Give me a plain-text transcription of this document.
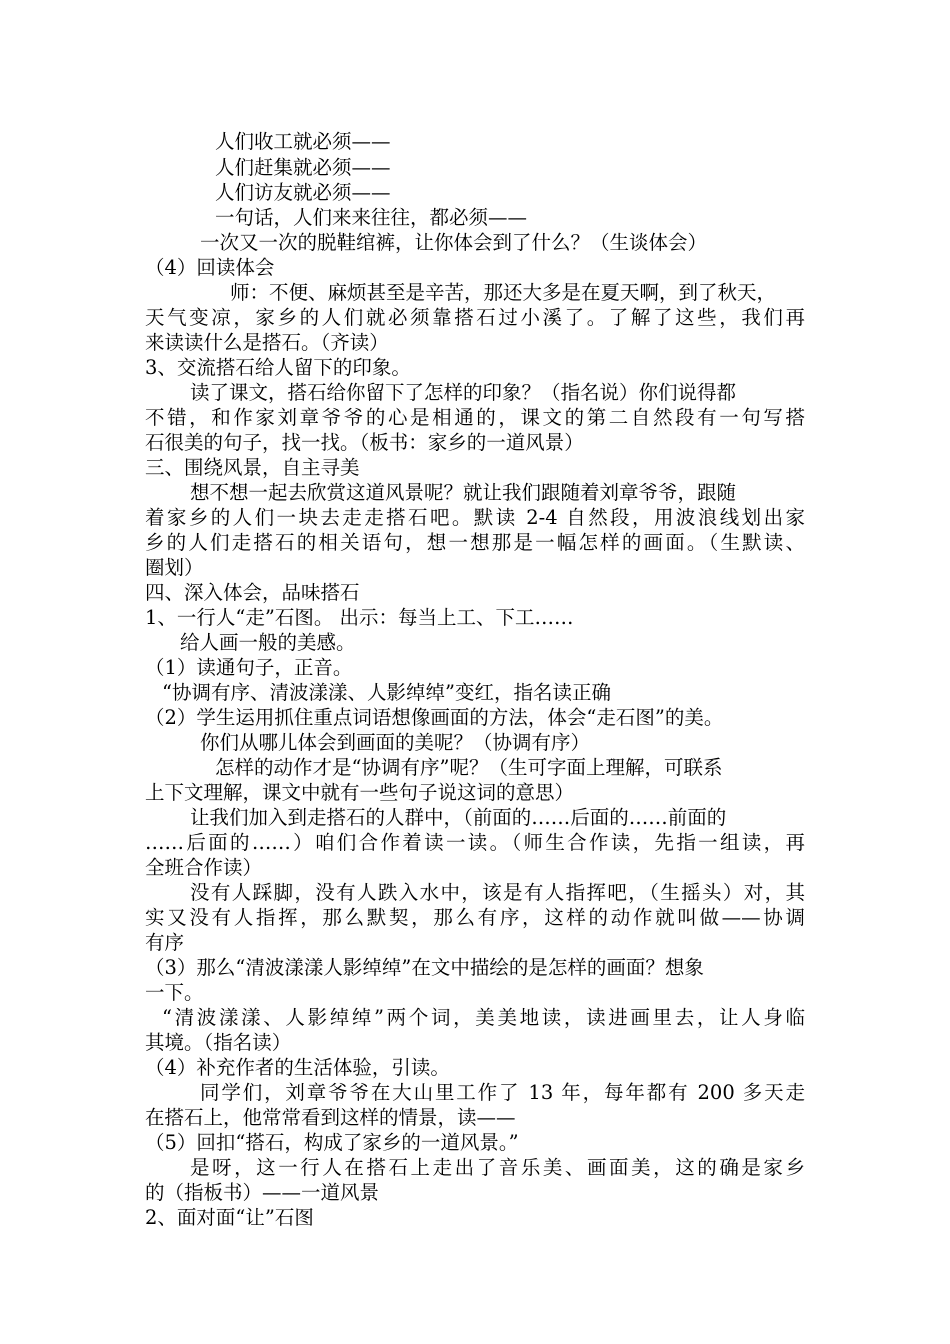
人们收工就必须——

人们赶集就必须——

人们访友就必须——

一句话，人们来来往往，都必须——

一次又一次的脱鞋绾裤，让你体会到了什么？（生谈体会）

（4）回读体会

师：不便、麻烦甚至是辛苦，那还大多是在夏天啊，到了秋天，

天气变凉，家乡的人们就必须靠搭石过小溪了。了解了这些，我们再

来读读什么是搭石。（齐读）

3、交流搭石给人留下的印象。

读了课文，搭石给你留下了怎样的印象？（指名说）你们说得都

不错，和作家刘章爷爷的心是相通的，课文的第二自然段有一句写搭

石很美的句子，找一找。（板书：家乡的一道风景）

三、围绕风景，自主寻美

想不想一起去欣赏这道风景呢？就让我们跟随着刘章爷爷，跟随

着家乡的人们一块去走走搭石吧。默读 2-4 自然段，用波浪线划出家

乡的人们走搭石的相关语句，想一想那是一幅怎样的画面。（生默读、

圈划）

四、深入体会，品味搭石

1、一行人“走”石图。 出示：每当上工、下工……

给人画一般的美感。

（1）读通句子，正音。

“协调有序、清波漾漾、人影绰绰”变红，指名读正确

（2）学生运用抓住重点词语想像画面的方法，体会“走石图”的美。

你们从哪儿体会到画面的美呢？（协调有序）

怎样的动作才是“协调有序”呢？（生可字面上理解，可联系

上下文理解，课文中就有一些句子说这词的意思）

让我们加入到走搭石的人群中，（前面的……后面的……前面的

……后面的……）咱们合作着读一读。（师生合作读，先指一组读，再

全班合作读）

没有人踩脚，没有人跌入水中，该是有人指挥吧，（生摇头）对，其

实又没有人指挥，那么默契，那么有序，这样的动作就叫做——协调

有序

（3）那么“清波漾漾人影绰绰”在文中描绘的是怎样的画面？想象

一下。

“清波漾漾、人影绰绰”两个词，美美地读，读进画里去，让人身临

其境。（指名读）

（4）补充作者的生活体验，引读。

同学们，刘章爷爷在大山里工作了 13 年，每年都有 200 多天走

在搭石上，他常常看到这样的情景，读——

（5）回扣“搭石，构成了家乡的一道风景。”

是呀，这一行人在搭石上走出了音乐美、画面美，这的确是家乡

的（指板书）——一道风景

2、面对面“让”石图
